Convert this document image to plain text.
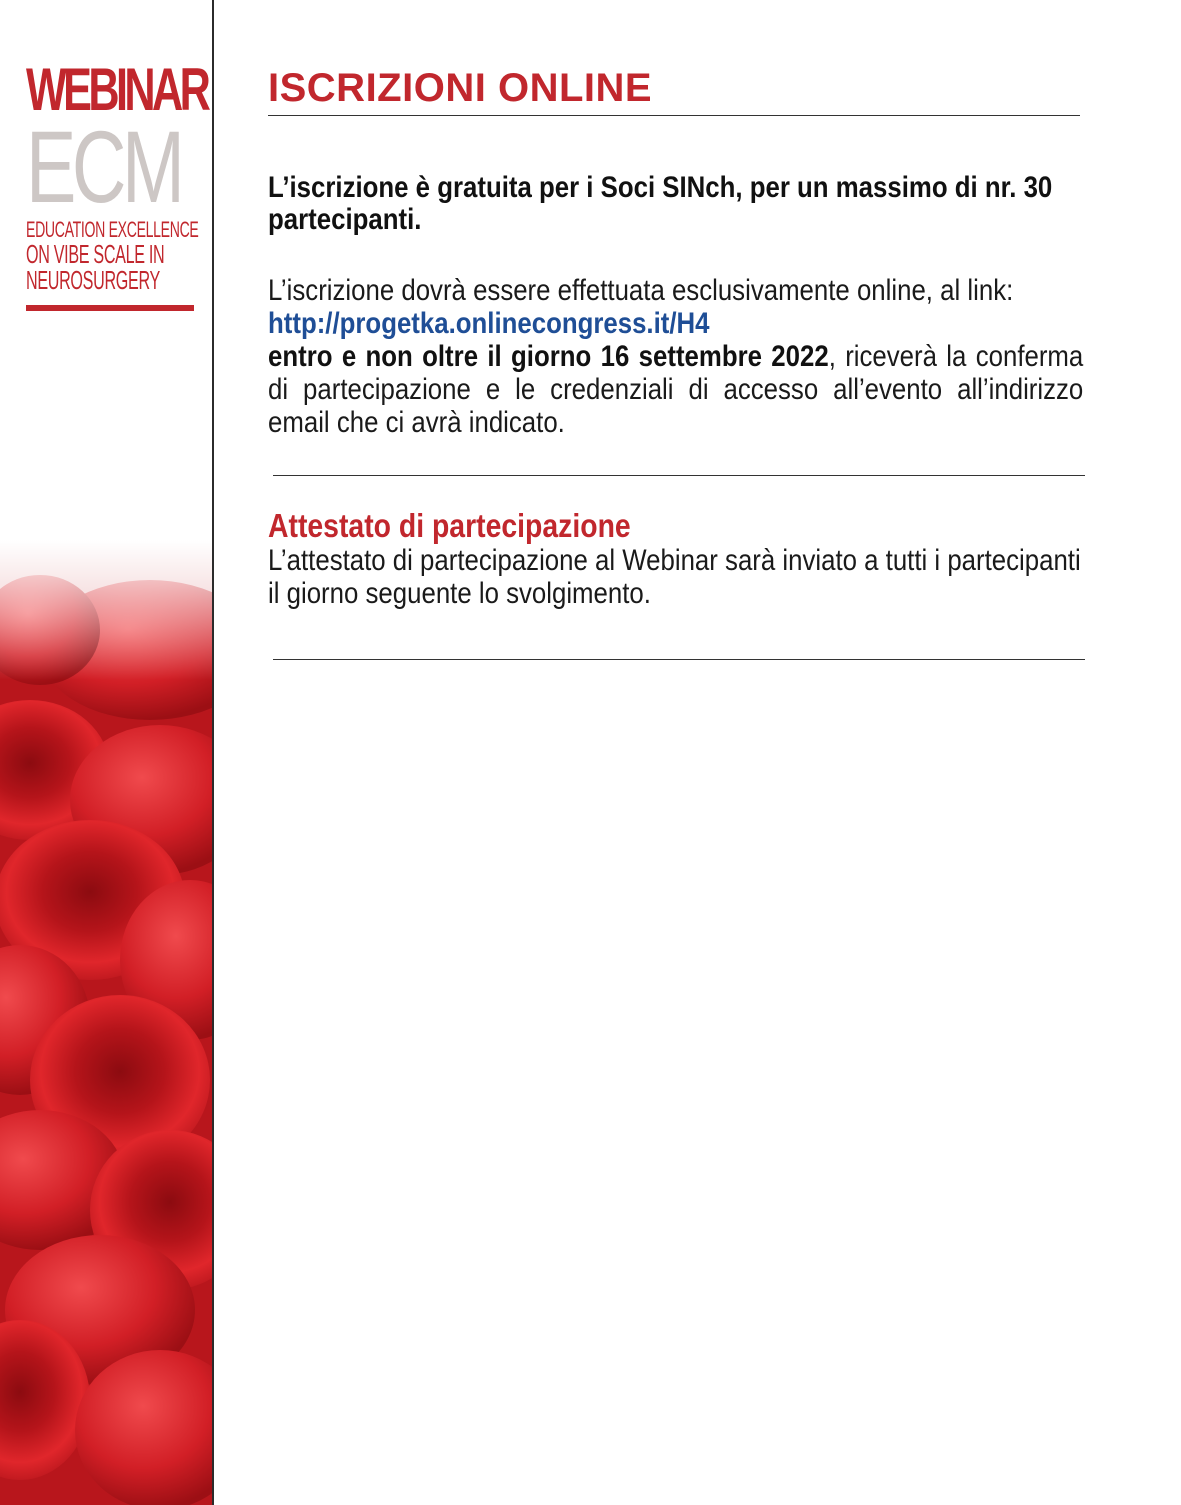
WEBINAR
ECM
EDUCATION EXCELLENCE
ON VIBE SCALE IN
NEUROSURGERY
ISCRIZIONI ONLINE
L’iscrizione è gratuita per i Soci SINch, per un massimo di nr. 30 partecipanti.
L’iscrizione dovrà essere effettuata esclusivamente online, al link:
http://progetka.onlinecongress.it/H4
entro e non oltre il giorno 16 settembre 2022, riceverà la conferma di partecipazione e le credenziali di accesso all’evento all’indirizzo email che ci avrà indicato.
Attestato di partecipazione
L’attestato di partecipazione al Webinar sarà inviato a tutti i partecipanti il giorno seguente lo svolgimento.
